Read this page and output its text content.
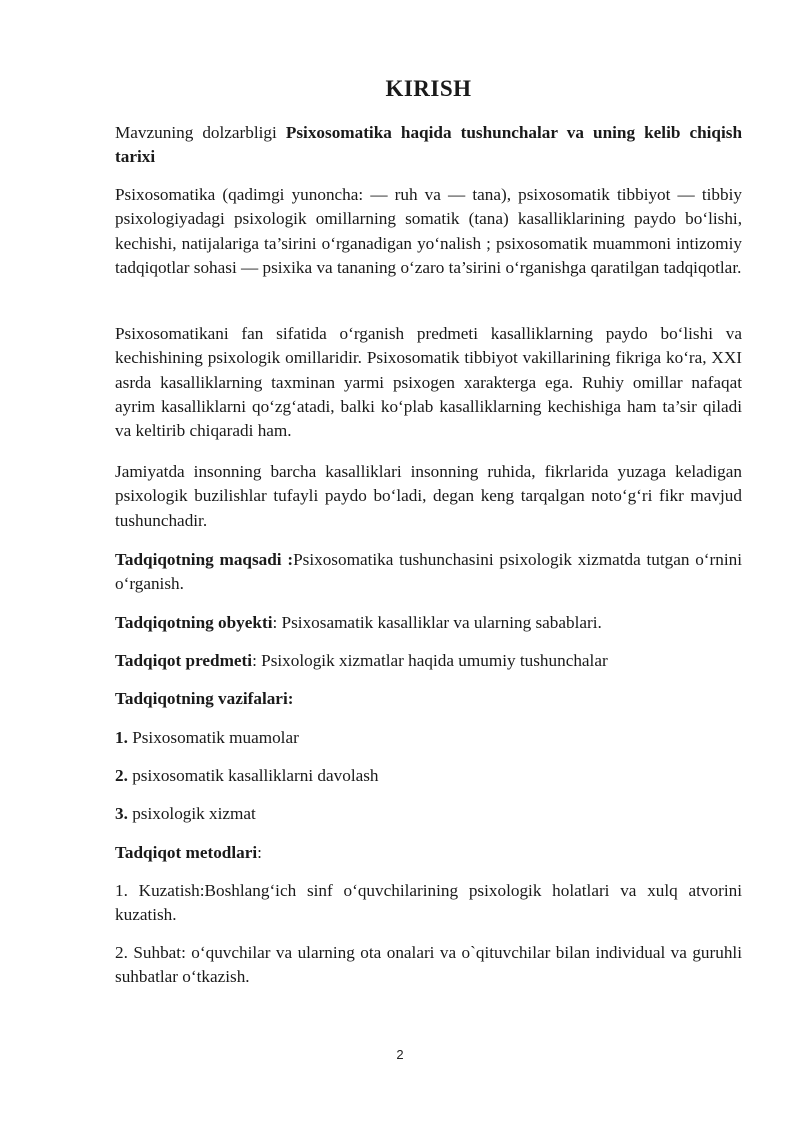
KIRISH

Mavzuning dolzarbligi Psixosomatika haqida tushunchalar va uning kelib chiqish tarixi

Psixosomatika (qadimgi yunoncha: — ruh va — tana), psixosomatik tibbiyot — tibbiy psixologiyadagi psixologik omillarning somatik (tana) kasalliklarining paydo bo‘lishi, kechishi, natijalariga ta’sirini o‘rganadigan yo‘nalish ; psixosomatik muammoni intizomiy tadqiqotlar sohasi — psixika va tananing o‘zaro ta’sirini o‘rganishga qaratilgan tadqiqotlar.

Psixosomatikani fan sifatida o‘rganish predmeti kasalliklarning paydo bo‘lishi va kechishining psixologik omillaridir. Psixosomatik tibbiyot vakillarining fikriga ko‘ra, XXI asrda kasalliklarning taxminan yarmi psixogen xarakterga ega. Ruhiy omillar nafaqat ayrim kasalliklarni qo‘zg‘atadi, balki ko‘plab kasalliklarning kechishiga ham ta’sir qiladi va keltirib chiqaradi ham.

Jamiyatda insonning barcha kasalliklari insonning ruhida, fikrlarida yuzaga keladigan psixologik buzilishlar tufayli paydo bo‘ladi, degan keng tarqalgan noto‘g‘ri fikr mavjud tushunchadir.

Tadqiqotning maqsadi :Psixosomatika tushunchasini psixologik xizmatda tutgan o‘rnini o‘rganish.

Tadqiqotning obyekti: Psixosamatik kasalliklar va ularning sabablari.

Tadqiqot predmeti: Psixologik xizmatlar haqida umumiy tushunchalar

Tadqiqotning vazifalari:

1. Psixosomatik muamolar

2. psixosomatik kasalliklarni davolash

3. psixologik xizmat

Tadqiqot metodlari:

1. Kuzatish:Boshlang‘ich sinf o‘quvchilarining psixologik holatlari va xulq atvorini kuzatish.

2. Suhbat: o‘quvchilar va ularning ota onalari va o`qituvchilar bilan individual va guruhli suhbatlar o‘tkazish.

2
